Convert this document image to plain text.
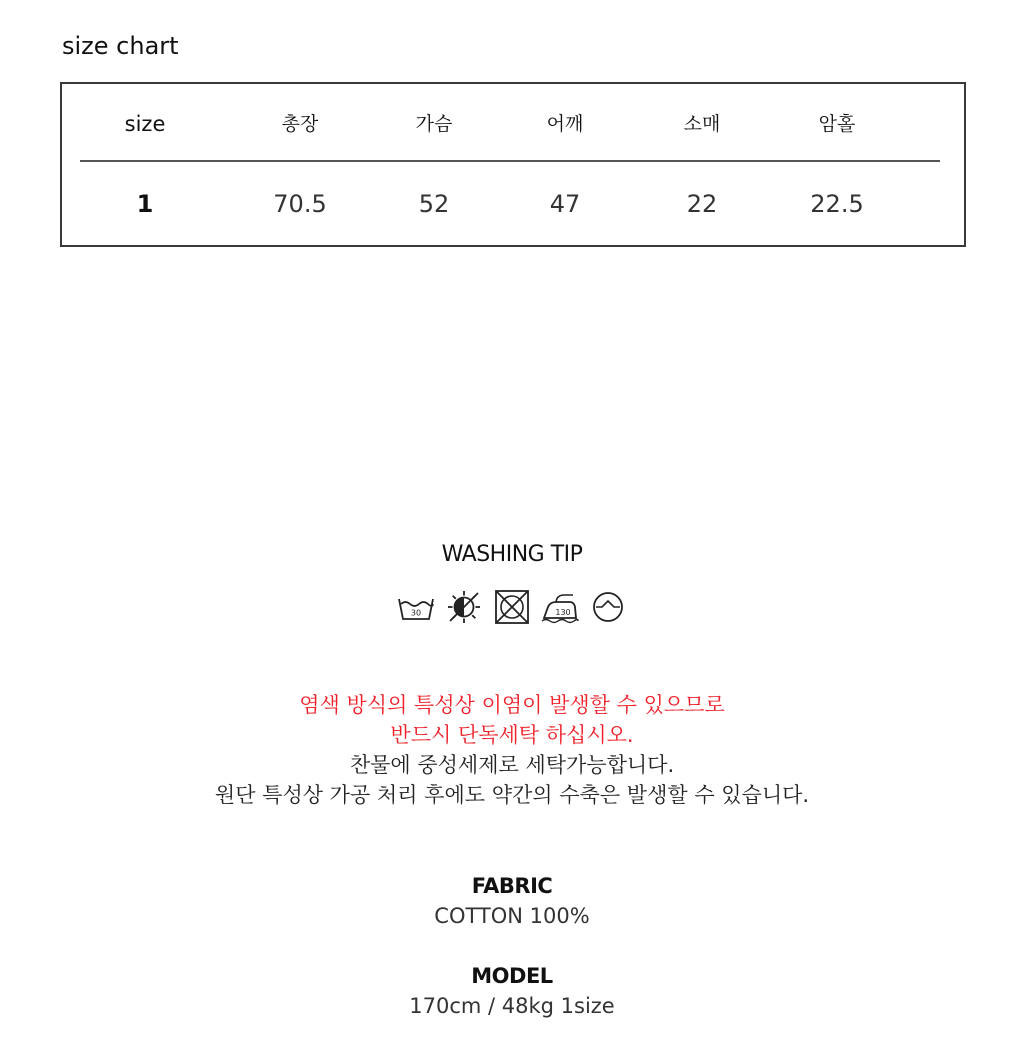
size chart
size	총장	가슴	어깨	소매	암홀
1	70.5	52	47	22	22.5
WASHING TIP
30	130
염색 방식의 특성상 이염이 발생할 수 있으므로
반드시 단독세탁 하십시오.
찬물에 중성세제로 세탁가능합니다.
원단 특성상 가공 처리 후에도 약간의 수축은 발생할 수 있습니다.
FABRIC
COTTON 100%
MODEL
170cm / 48kg 1size
